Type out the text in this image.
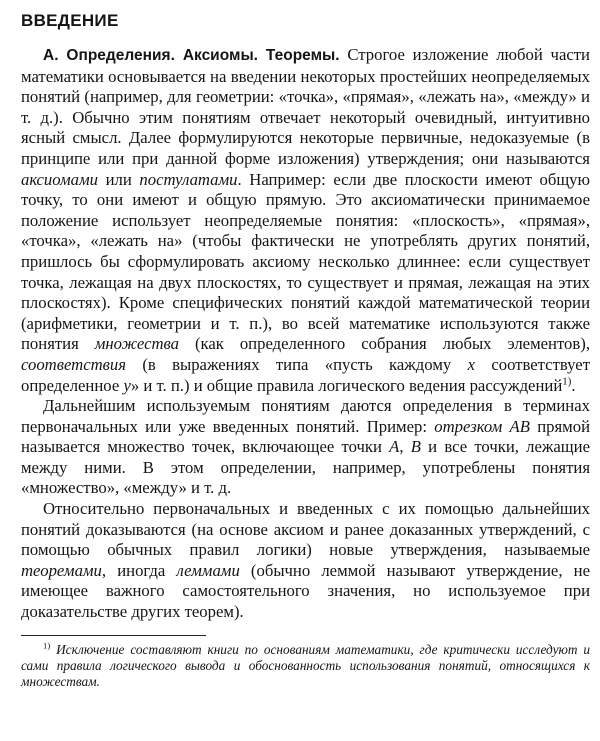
ВВЕДЕНИЕ

А. Определения. Аксиомы. Теоремы. Строгое изложение любой части математики основывается на введении некоторых простейших неопределяемых понятий (например, для геометрии: «точка», «прямая», «лежать на», «между» и т. д.). Обычно этим понятиям отвечает некоторый очевидный, интуитивно ясный смысл. Далее формулируются некоторые первичные, недоказуемые (в принципе или при данной форме изложения) утверждения; они называются аксиомами или постулатами. Например: если две плоскости имеют общую точку, то они имеют и общую прямую. Это аксиоматически принимаемое положение использует неопределяемые понятия: «плоскость», «прямая», «точка», «лежать на» (чтобы фактически не употреблять других понятий, пришлось бы сформулировать аксиому несколько длиннее: если существует точка, лежащая на двух плоскостях, то существует и прямая, лежащая на этих плоскостях). Кроме специфических понятий каждой математической теории (арифметики, геометрии и т. п.), во всей математике используются также понятия множества (как определенного собрания любых элементов), соответствия (в выражениях типа «пусть каждому x соответствует определенное y» и т. п.) и общие правила логического ведения рассуждений$^{1)}$.

Дальнейшим используемым понятиям даются определения в терминах первоначальных или уже введенных понятий. Пример: отрезком AB прямой называется множество точек, включающее точки A, B и все точки, лежащие между ними. В этом определении, например, употреблены понятия «множество», «между» и т. д.

Относительно первоначальных и введенных с их помощью дальнейших понятий доказываются (на основе аксиом и ранее доказанных утверждений, с помощью обычных правил логики) новые утверждения, называемые теоремами, иногда леммами (обычно леммой называют утверждение, не имеющее важного самостоятельного значения, но используемое при доказательстве других теорем).

$^{1)}$ Исключение составляют книги по основаниям математики, где критически исследуют и сами правила логического вывода и обоснованность использования понятий, относящихся к множествам.
